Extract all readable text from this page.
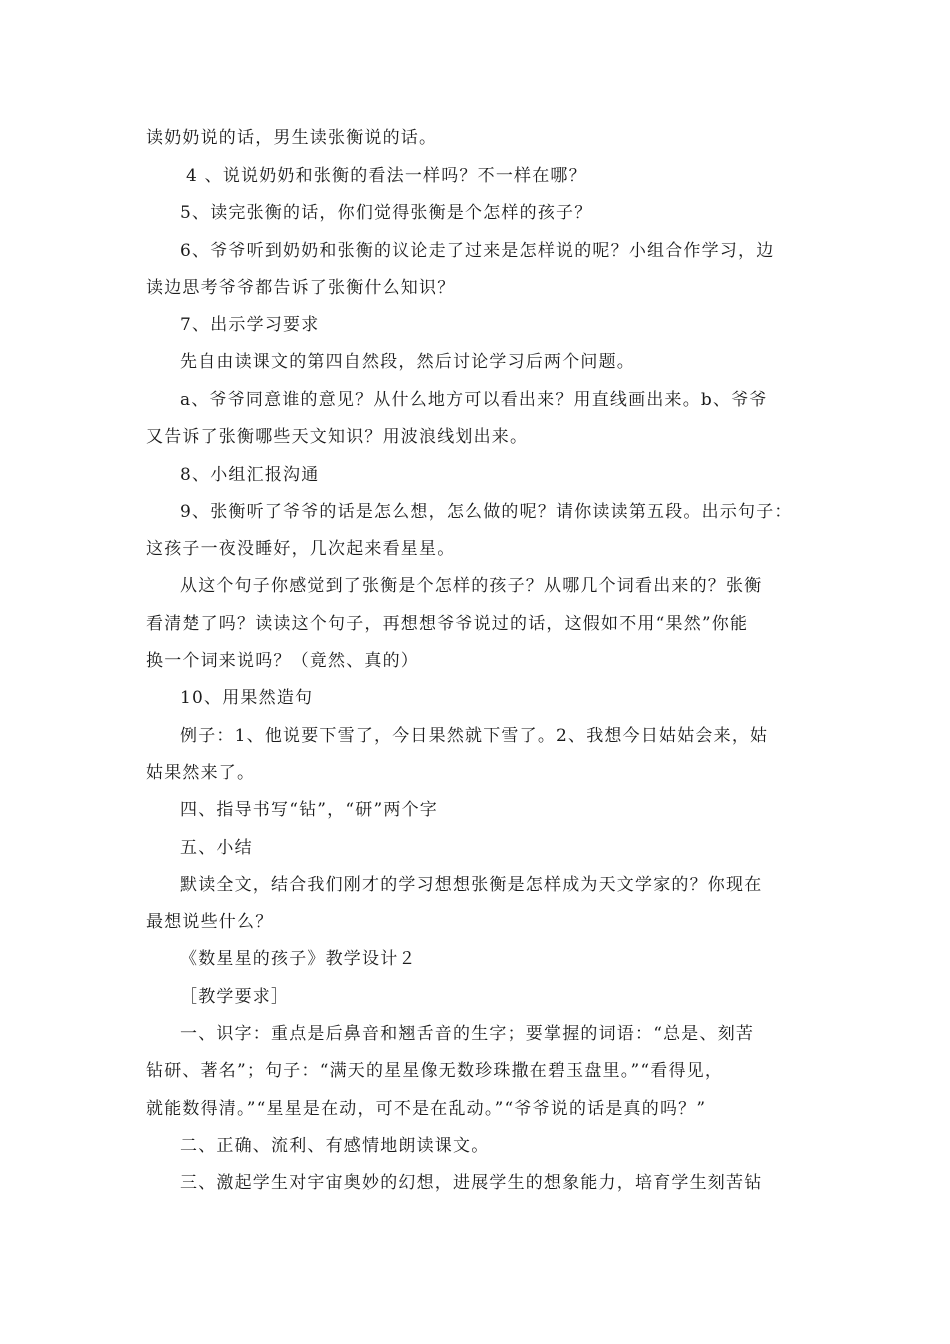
读奶奶说的话，男生读张衡说的话。
4 、说说奶奶和张衡的看法一样吗？不一样在哪？
5、读完张衡的话，你们觉得张衡是个怎样的孩子？
6、爷爷听到奶奶和张衡的议论走了过来是怎样说的呢？小组合作学习，边
读边思考爷爷都告诉了张衡什么知识？
7、出示学习要求
先自由读课文的第四自然段，然后讨论学习后两个问题。
a、爷爷同意谁的意见？从什么地方可以看出来？用直线画出来。b、爷爷
又告诉了张衡哪些天文知识？用波浪线划出来。
8、小组汇报沟通
9、张衡听了爷爷的话是怎么想，怎么做的呢？请你读读第五段。出示句子：
这孩子一夜没睡好，几次起来看星星。
从这个句子你感觉到了张衡是个怎样的孩子？从哪几个词看出来的？张衡
看清楚了吗？读读这个句子，再想想爷爷说过的话，这假如不用“果然”你能
换一个词来说吗？（竟然、真的）
10、用果然造句
例子：1、他说要下雪了，今日果然就下雪了。2、我想今日姑姑会来，姑
姑果然来了。
四、指导书写“钻”，“研”两个字
五、小结
默读全文，结合我们刚才的学习想想张衡是怎样成为天文学家的？你现在
最想说些什么？
《数星星的孩子》教学设计２
［教学要求］
一、识字：重点是后鼻音和翘舌音的生字；要掌握的词语：“总是、刻苦
钻研、著名”；句子：“满天的星星像无数珍珠撒在碧玉盘里。”“看得见，
就能数得清。”“星星是在动，可不是在乱动。”“爷爷说的话是真的吗？”
二、正确、流利、有感情地朗读课文。
三、激起学生对宇宙奥妙的幻想，进展学生的想象能力，培育学生刻苦钻
